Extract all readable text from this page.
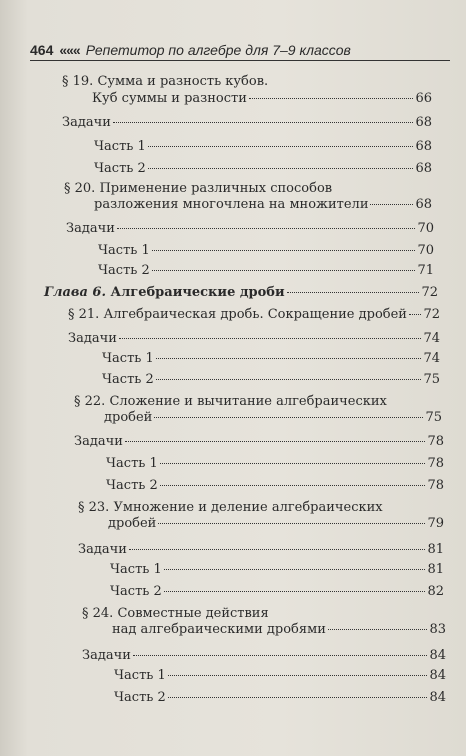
464 ««« Репетитор по алгебре для 7–9 классов
§ 19. Сумма и разность кубов.
Куб суммы и разности	66
Задачи	68
Часть 1	68
Часть 2	68
§ 20. Применение различных способов
разложения многочлена на множители	68
Задачи	70
Часть 1	70
Часть 2	71
Глава 6. Алгебраические дроби	72
§ 21. Алгебраическая дробь. Сокращение дробей 72
Задачи	74
Часть 1	74
Часть 2	75
§ 22. Сложение и вычитание алгебраических
дробей	75
Задачи	78
Часть 1	78
Часть 2	78
§ 23. Умножение и деление алгебраических
дробей	79
Задачи	81
Часть 1	81
Часть 2	82
§ 24. Совместные действия
над алгебраическими дробями	83
Задачи	84
Часть 1	84
Часть 2	84
